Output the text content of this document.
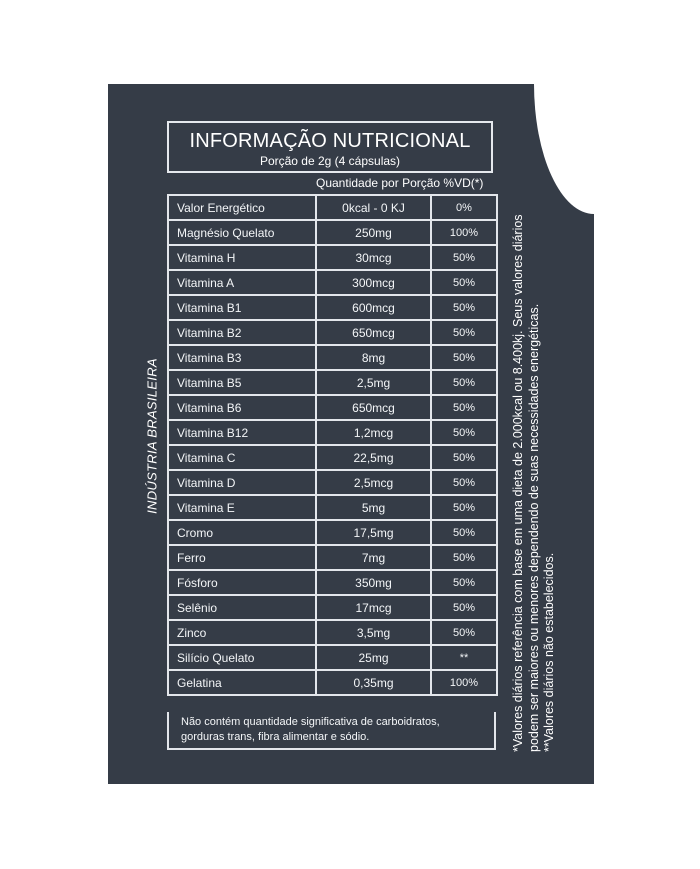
INFORMAÇÃO NUTRICIONAL
Porção de 2g (4 cápsulas)
Quantidade por Porção %VD(*)
Valor Energético	0kcal - 0 KJ	0%
Magnésio Quelato	250mg	100%
Vitamina H	30mcg	50%
Vitamina A	300mcg	50%
Vitamina B1	600mcg	50%
Vitamina B2	650mcg	50%
Vitamina B3	8mg	50%
Vitamina B5	2,5mg	50%
Vitamina B6	650mcg	50%
Vitamina B12	1,2mcg	50%
Vitamina C	22,5mg	50%
Vitamina D	2,5mcg	50%
Vitamina E	5mg	50%
Cromo	17,5mg	50%
Ferro	7mg	50%
Fósforo	350mg	50%
Selênio	17mcg	50%
Zinco	3,5mg	50%
Silício Quelato	25mg	**
Gelatina	0,35mg	100%
Não contém quantidade significativa de carboidratos, gorduras trans, fibra alimentar e sódio.
INDÚSTRIA BRASILEIRA	*Valores diários referência com base em uma dieta de 2.000kcal ou 8.400kj. Seus valores diários podem ser maiores ou menores dependendo de suas necessidades energéticas. **Valores diários não estabelecidos.
